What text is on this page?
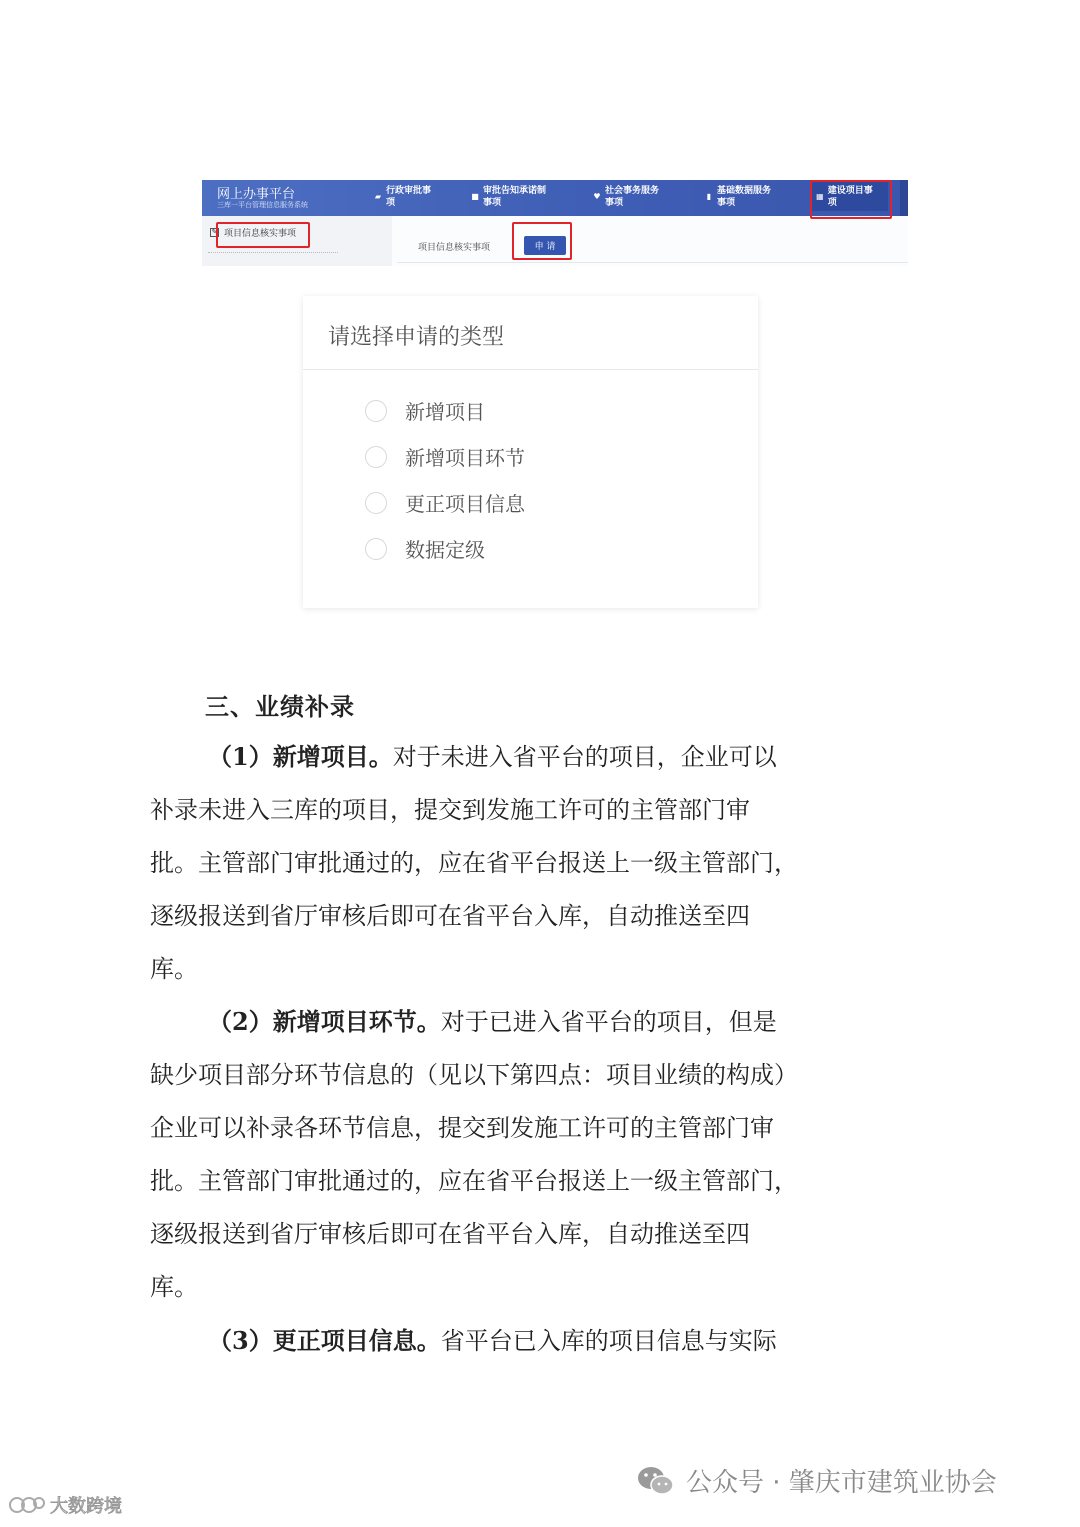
网上办事平台
三库一平台管理信息服务系统
▰ 行政审批事
项
■ 审批告知承诺制
事项
♥ 社会事务服务
事项
▮ 基础数据服务
事项
▦ 建设项目事
项
✎ 项目信息核实事项
项目信息核实事项	申 请
请选择申请的类型
新增项目
新增项目环节
更正项目信息
数据定级
三、业绩补录
（1）新增项目。对于未进入省平台的项目，企业可以
补录未进入三库的项目，提交到发施工许可的主管部门审
批。主管部门审批通过的，应在省平台报送上一级主管部门，
逐级报送到省厅审核后即可在省平台入库，自动推送至四
库。
（2）新增项目环节。对于已进入省平台的项目，但是
缺少项目部分环节信息的（见以下第四点：项目业绩的构成）
企业可以补录各环节信息，提交到发施工许可的主管部门审
批。主管部门审批通过的，应在省平台报送上一级主管部门，
逐级报送到省厅审核后即可在省平台入库，自动推送至四
库。
（3）更正项目信息。省平台已入库的项目信息与实际
大数跨境
公众号 · 肇庆市建筑业协会
